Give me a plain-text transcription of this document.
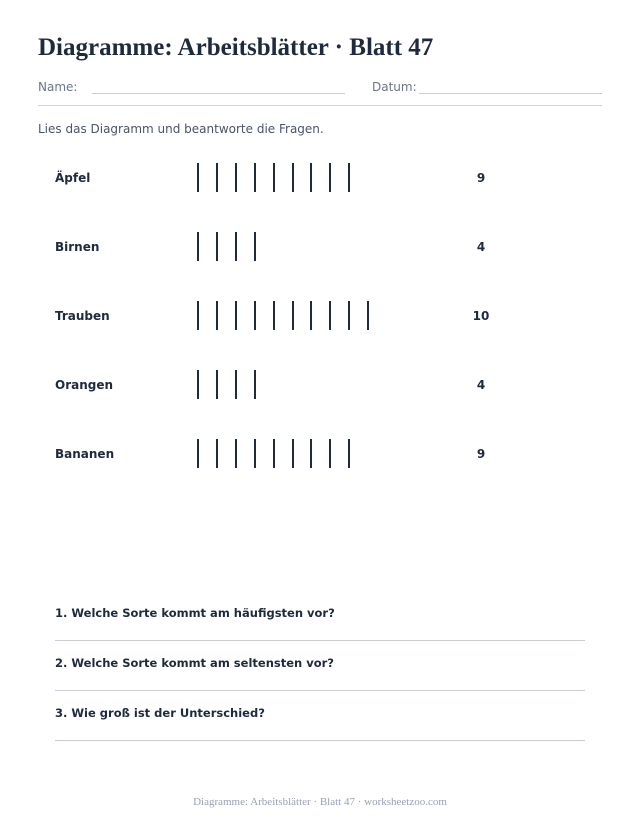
Diagramme: Arbeitsblätter · Blatt 47
Name:	Datum:

Lies das Diagramm und beantworte die Fragen.

Äpfel	9
Birnen	4
Trauben	10
Orangen	4
Bananen	9
1. Welche Sorte kommt am häufigsten vor?
2. Welche Sorte kommt am seltensten vor?
3. Wie groß ist der Unterschied?
Diagramme: Arbeitsblätter · Blatt 47 · worksheetzoo.com
